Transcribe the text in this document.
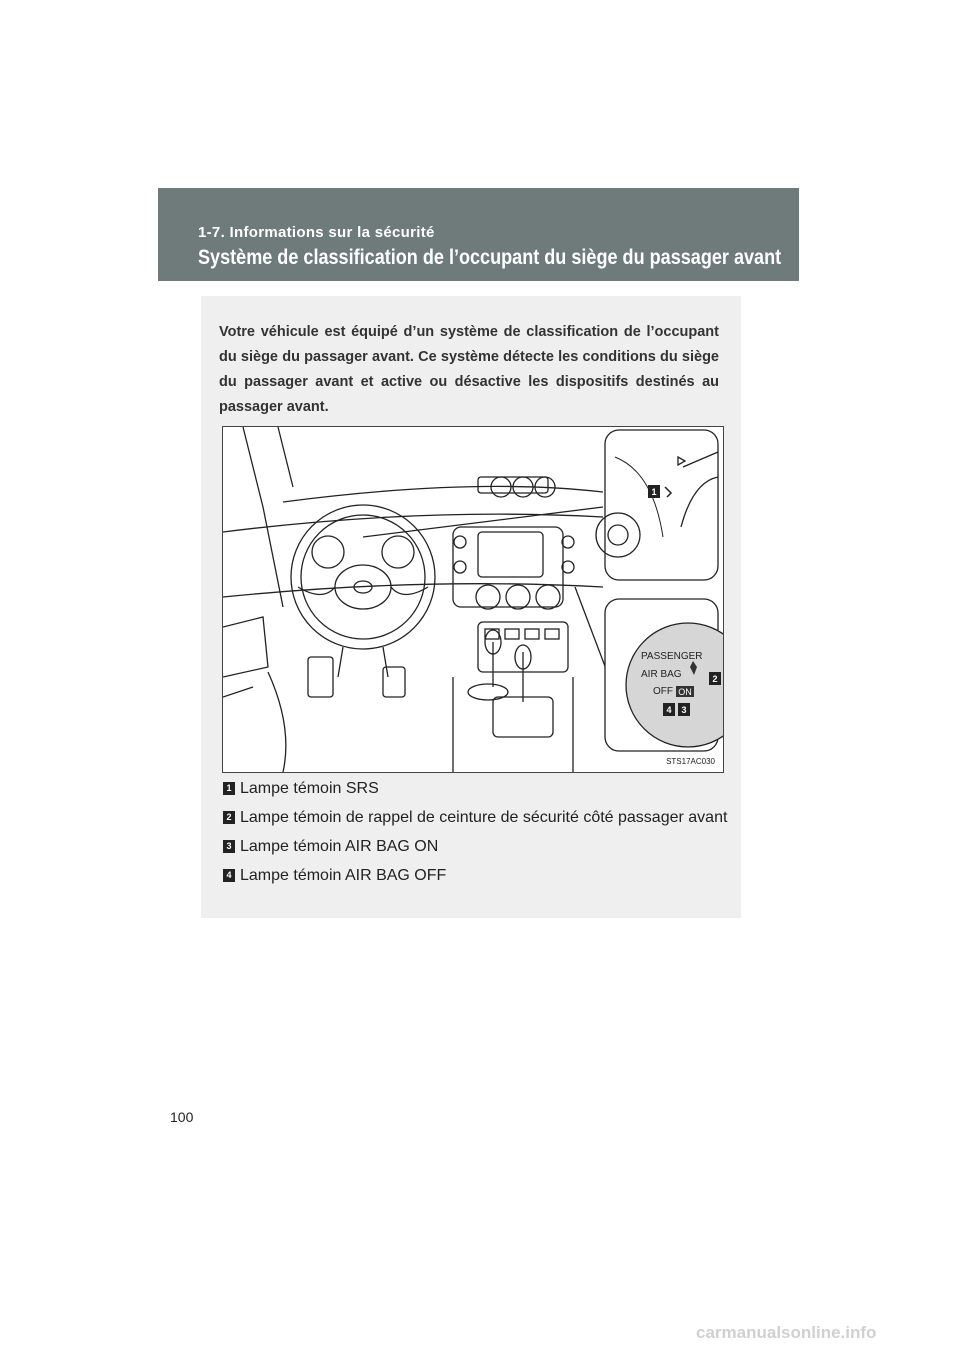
1-7. Informations sur la sécurité
Système de classification de l’occupant du siège du passager avant
Votre véhicule est équipé d’un système de classification de l’occupant du siège du passager avant. Ce système détecte les conditions du siège du passager avant et active ou désactive les dispositifs destinés au passager avant.
1
PASSENGER
AIR BAG
OFF ON
2
3
4
STS17AC030
1 Lampe témoin SRS
2 Lampe témoin de rappel de ceinture de sécurité côté passager avant
3 Lampe témoin AIR BAG ON
4 Lampe témoin AIR BAG OFF
100
carmanualsonline.info
